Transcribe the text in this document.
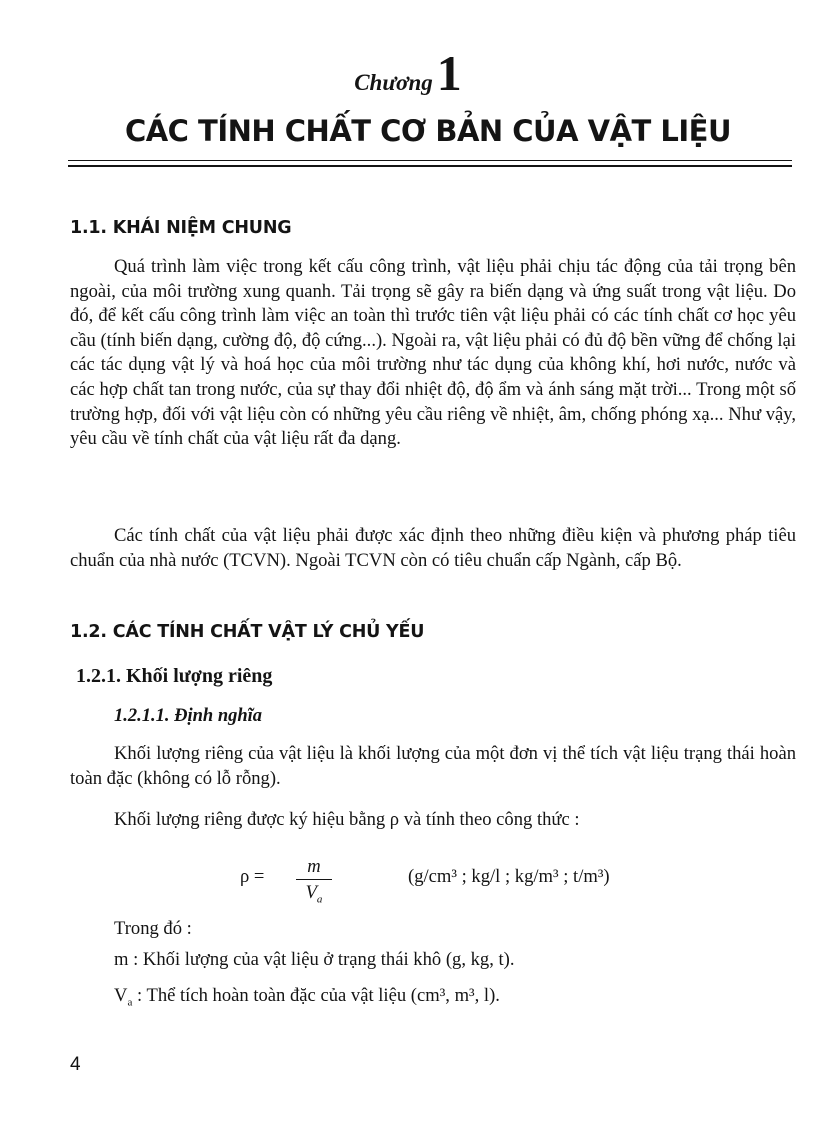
Chương 1
CÁC TÍNH CHẤT CƠ BẢN CỦA VẬT LIỆU
1.1. KHÁI NIỆM CHUNG

Quá trình làm việc trong kết cấu công trình, vật liệu phải chịu tác động của tải trọng bên ngoài, của môi trường xung quanh. Tải trọng sẽ gây ra biến dạng và ứng suất trong vật liệu. Do đó, để kết cấu công trình làm việc an toàn thì trước tiên vật liệu phải có các tính chất cơ học yêu cầu (tính biến dạng, cường độ, độ cứng...). Ngoài ra, vật liệu phải có đủ độ bền vững để chống lại các tác dụng vật lý và hoá học của môi trường như tác dụng của không khí, hơi nước, nước và các hợp chất tan trong nước, của sự thay đổi nhiệt độ, độ ẩm và ánh sáng mặt trời... Trong một số trường hợp, đối với vật liệu còn có những yêu cầu riêng về nhiệt, âm, chống phóng xạ... Như vậy, yêu cầu về tính chất của vật liệu rất đa dạng.

Các tính chất của vật liệu phải được xác định theo những điều kiện và phương pháp tiêu chuẩn của nhà nước (TCVN). Ngoài TCVN còn có tiêu chuẩn cấp Ngành, cấp Bộ.

1.2. CÁC TÍNH CHẤT VẬT LÝ CHỦ YẾU
1.2.1. Khối lượng riêng
1.2.1.1. Định nghĩa

Khối lượng riêng của vật liệu là khối lượng của một đơn vị thể tích vật liệu trạng thái hoàn toàn đặc (không có lỗ rỗng).

Khối lượng riêng được ký hiệu bằng ρ và tính theo công thức :

$\rho = \frac{m}{V_a}$	(g/cm³ ; kg/l ; kg/m³ ; t/m³)
Trong đó :
m : Khối lượng của vật liệu ở trạng thái khô (g, kg, t).
$V_a$ : Thể tích hoàn toàn đặc của vật liệu (cm³, m³, l).
4
